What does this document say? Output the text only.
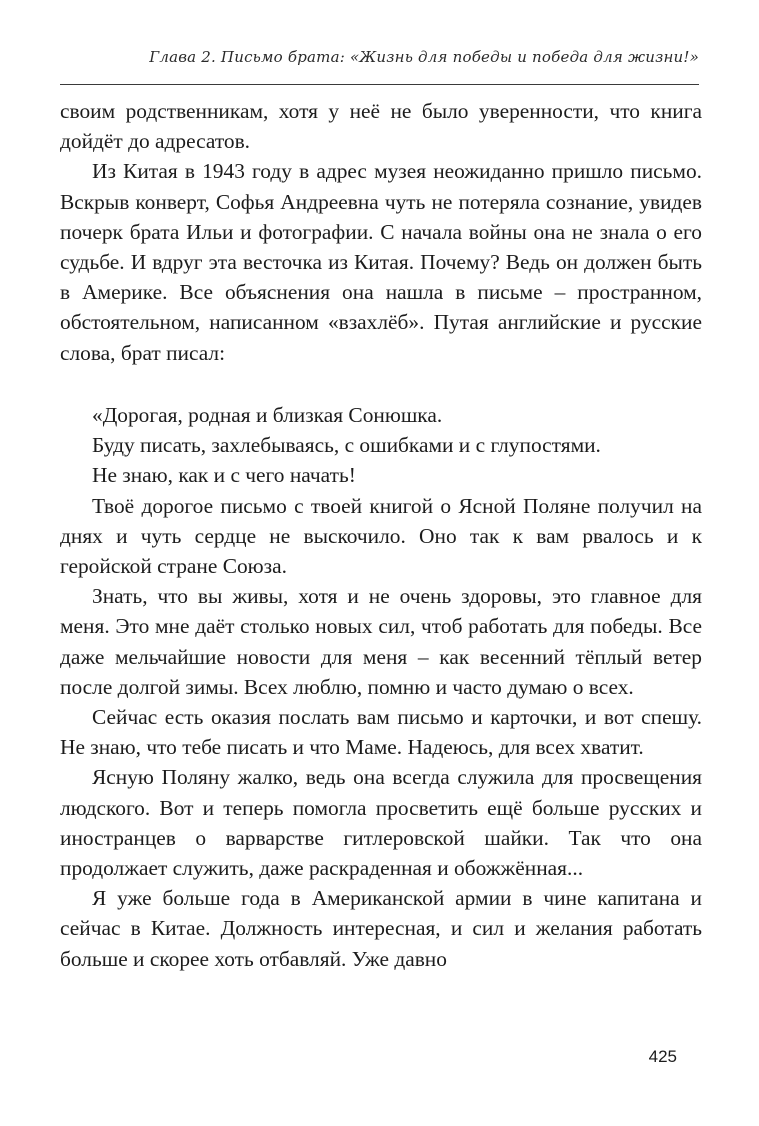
Глава 2. Письмо брата: «Жизнь для победы и победа для жизни!»

своим родственникам, хотя у неё не было уверенности, что книга дойдёт до адресатов.

Из Китая в 1943 году в адрес музея неожиданно пришло письмо. Вскрыв конверт, Софья Андреевна чуть не потеряла сознание, увидев почерк брата Ильи и фотографии. С начала войны она не знала о его судьбе. И вдруг эта весточка из Китая. Почему? Ведь он должен быть в Америке. Все объяснения она нашла в письме – пространном, обстоятельном, написанном «взахлёб». Путая английские и русские слова, брат писал:

«Дорогая, родная и близкая Сонюшка.

Буду писать, захлебываясь, с ошибками и с глупостями.

Не знаю, как и с чего начать!

Твоё дорогое письмо с твоей книгой о Ясной Поляне получил на днях и чуть сердце не выскочило. Оно так к вам рвалось и к геройской стране Союза.

Знать, что вы живы, хотя и не очень здоровы, это главное для меня. Это мне даёт столько новых сил, чтоб работать для победы. Все даже мельчайшие новости для меня – как весенний тёплый ветер после долгой зимы. Всех люблю, помню и часто думаю о всех.

Сейчас есть оказия послать вам письмо и карточки, и вот спешу. Не знаю, что тебе писать и что Маме. Надеюсь, для всех хватит.

Ясную Поляну жалко, ведь она всегда служила для просвещения людского. Вот и теперь помогла просветить ещё больше русских и иностранцев о варварстве гитлеровской шайки. Так что она продолжает служить, даже раскраденная и обожжённая...

Я уже больше года в Американской армии в чине капитана и сейчас в Китае. Должность интересная, и сил и желания работать больше и скорее хоть отбавляй. Уже давно

425
